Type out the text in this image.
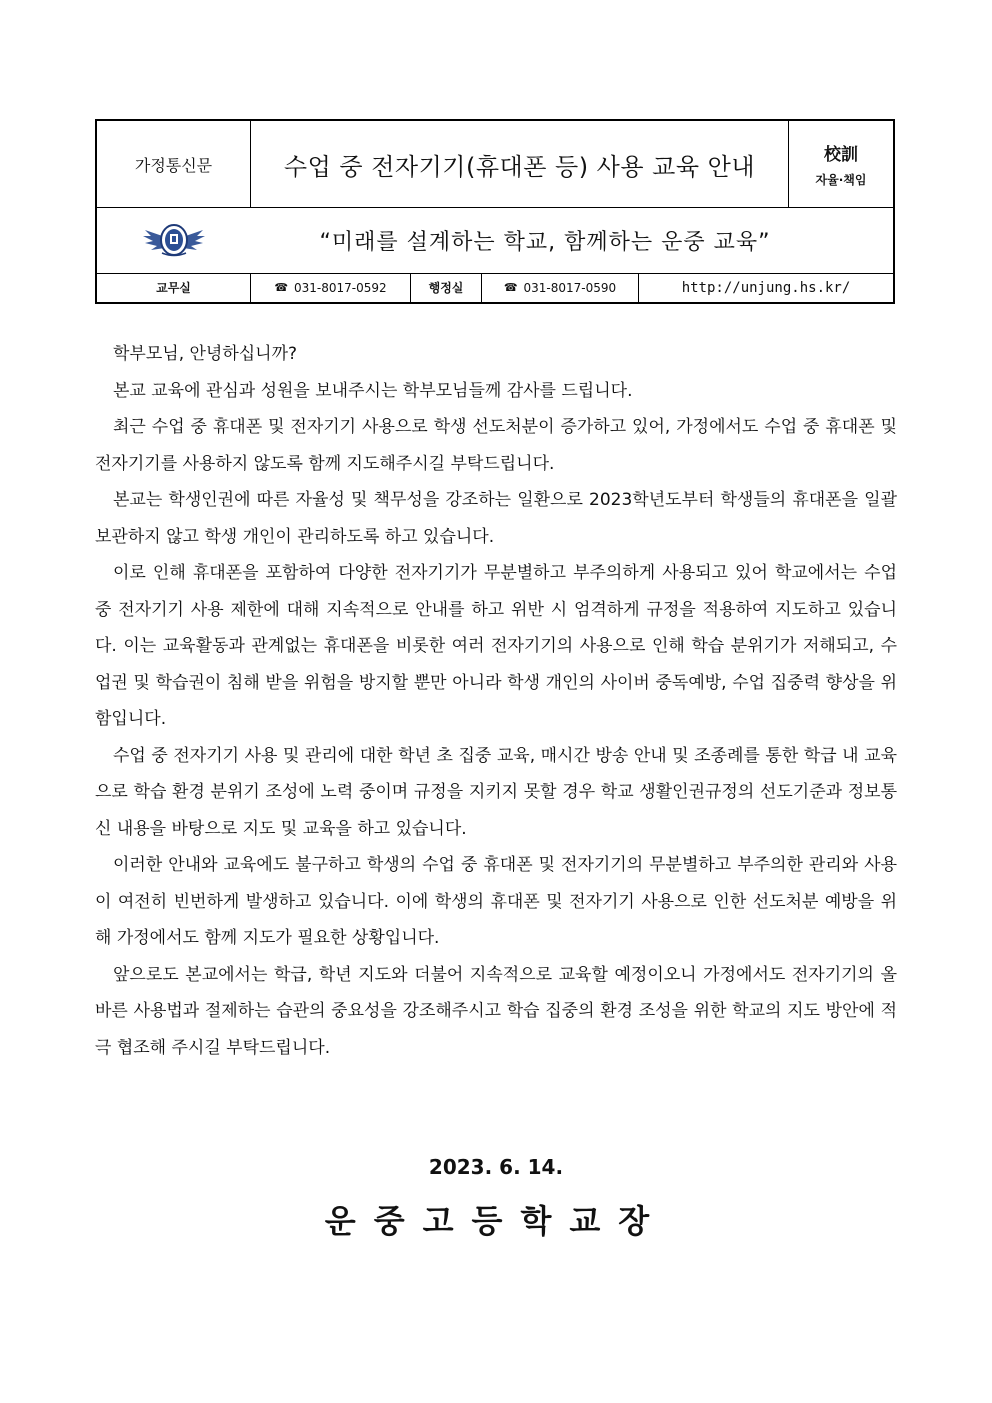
가정통신문	수업 중 전자기기(휴대폰 등) 사용 교육 안내	校訓
자율·책임
“미래를 설계하는 학교, 함께하는 운중 교육”
교무실	☎ 031-8017-0592	행정실	☎ 031-8017-0590	http://unjung.hs.kr/

학부모님, 안녕하십니까?

본교 교육에 관심과 성원을 보내주시는 학부모님들께 감사를 드립니다.

최근 수업 중 휴대폰 및 전자기기 사용으로 학생 선도처분이 증가하고 있어, 가정에서도 수업 중 휴대폰 및 전자기기를 사용하지 않도록 함께 지도해주시길 부탁드립니다.

본교는 학생인권에 따른 자율성 및 책무성을 강조하는 일환으로 2023학년도부터 학생들의 휴대폰을 일괄 보관하지 않고 학생 개인이 관리하도록 하고 있습니다.

이로 인해 휴대폰을 포함하여 다양한 전자기기가 무분별하고 부주의하게 사용되고 있어 학교에서는 수업 중 전자기기 사용 제한에 대해 지속적으로 안내를 하고 위반 시 엄격하게 규정을 적용하여 지도하고 있습니다. 이는 교육활동과 관계없는 휴대폰을 비롯한 여러 전자기기의 사용으로 인해 학습 분위기가 저해되고, 수업권 및 학습권이 침해 받을 위험을 방지할 뿐만 아니라 학생 개인의 사이버 중독예방, 수업 집중력 향상을 위함입니다.

수업 중 전자기기 사용 및 관리에 대한 학년 초 집중 교육, 매시간 방송 안내 및 조종례를 통한 학급 내 교육으로 학습 환경 분위기 조성에 노력 중이며 규정을 지키지 못할 경우 학교 생활인권규정의 선도기준과 정보통신 내용을 바탕으로 지도 및 교육을 하고 있습니다.

이러한 안내와 교육에도 불구하고 학생의 수업 중 휴대폰 및 전자기기의 무분별하고 부주의한 관리와 사용이 여전히 빈번하게 발생하고 있습니다. 이에 학생의 휴대폰 및 전자기기 사용으로 인한 선도처분 예방을 위해 가정에서도 함께 지도가 필요한 상황입니다.

앞으로도 본교에서는 학급, 학년 지도와 더불어 지속적으로 교육할 예정이오니 가정에서도 전자기기의 올바른 사용법과 절제하는 습관의 중요성을 강조해주시고 학습 집중의 환경 조성을 위한 학교의 지도 방안에 적극 협조해 주시길 부탁드립니다.

2023. 6. 14.
운중고등학교장
